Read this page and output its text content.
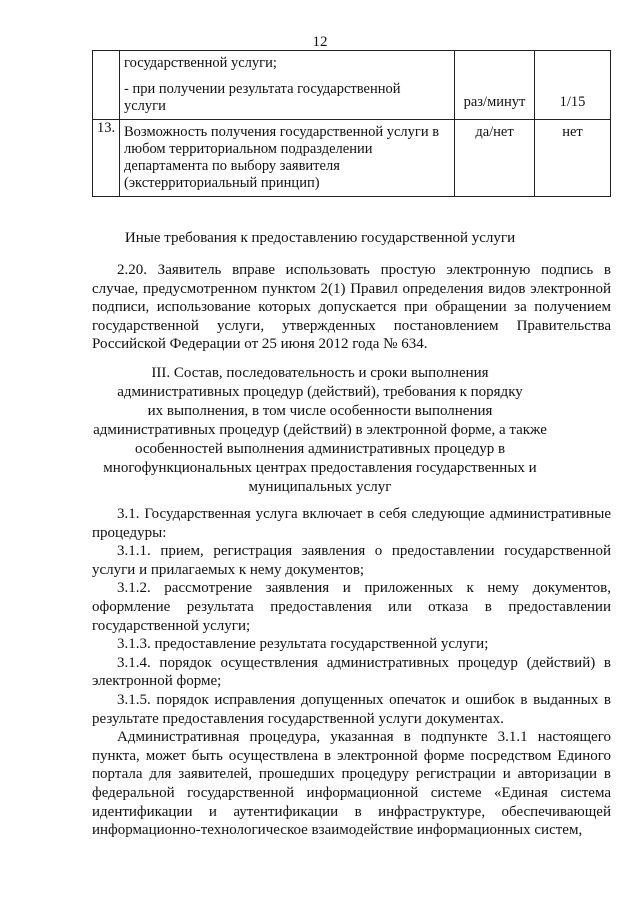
12

	государственной услуги;
- при получении результата государственной
услуги	раз/минут	1/15
13.	Возможность получения государственной услуги в
любом территориальном подразделении
департамента по выбору заявителя
(экстерриториальный принцип)	да/нет	нет
Иные требования к предоставлению государственной услуги

2.20. Заявитель вправе использовать простую электронную подпись в случае, предусмотренном пунктом 2(1) Правил определения видов электронной подписи, использование которых допускается при обращении за получением государственной услуги, утвержденных постановлением Правительства Российской Федерации от 25 июня 2012 года № 634.

III. Состав, последовательность и сроки выполнения
административных процедур (действий), требования к порядку
их выполнения, в том числе особенности выполнения
административных процедур (действий) в электронной форме, а также
особенностей выполнения административных процедур в
многофункциональных центрах предоставления государственных и
муниципальных услуг

3.1. Государственная услуга включает в себя следующие административные процедуры:

3.1.1. прием, регистрация заявления о предоставлении государственной услуги и прилагаемых к нему документов;

3.1.2. рассмотрение заявления и приложенных к нему документов, оформление результата предоставления или отказа в предоставлении государственной услуги;

3.1.3. предоставление результата государственной услуги;

3.1.4. порядок осуществления административных процедур (действий) в электронной форме;

3.1.5. порядок исправления допущенных опечаток и ошибок в выданных в результате предоставления государственной услуги документах.

Административная процедура, указанная в подпункте 3.1.1 настоящего пункта, может быть осуществлена в электронной форме посредством Единого портала для заявителей, прошедших процедуру регистрации и авторизации в федеральной государственной информационной системе «Единая система идентификации и аутентификации в инфраструктуре, обеспечивающей информационно-технологическое взаимодействие информационных систем,
